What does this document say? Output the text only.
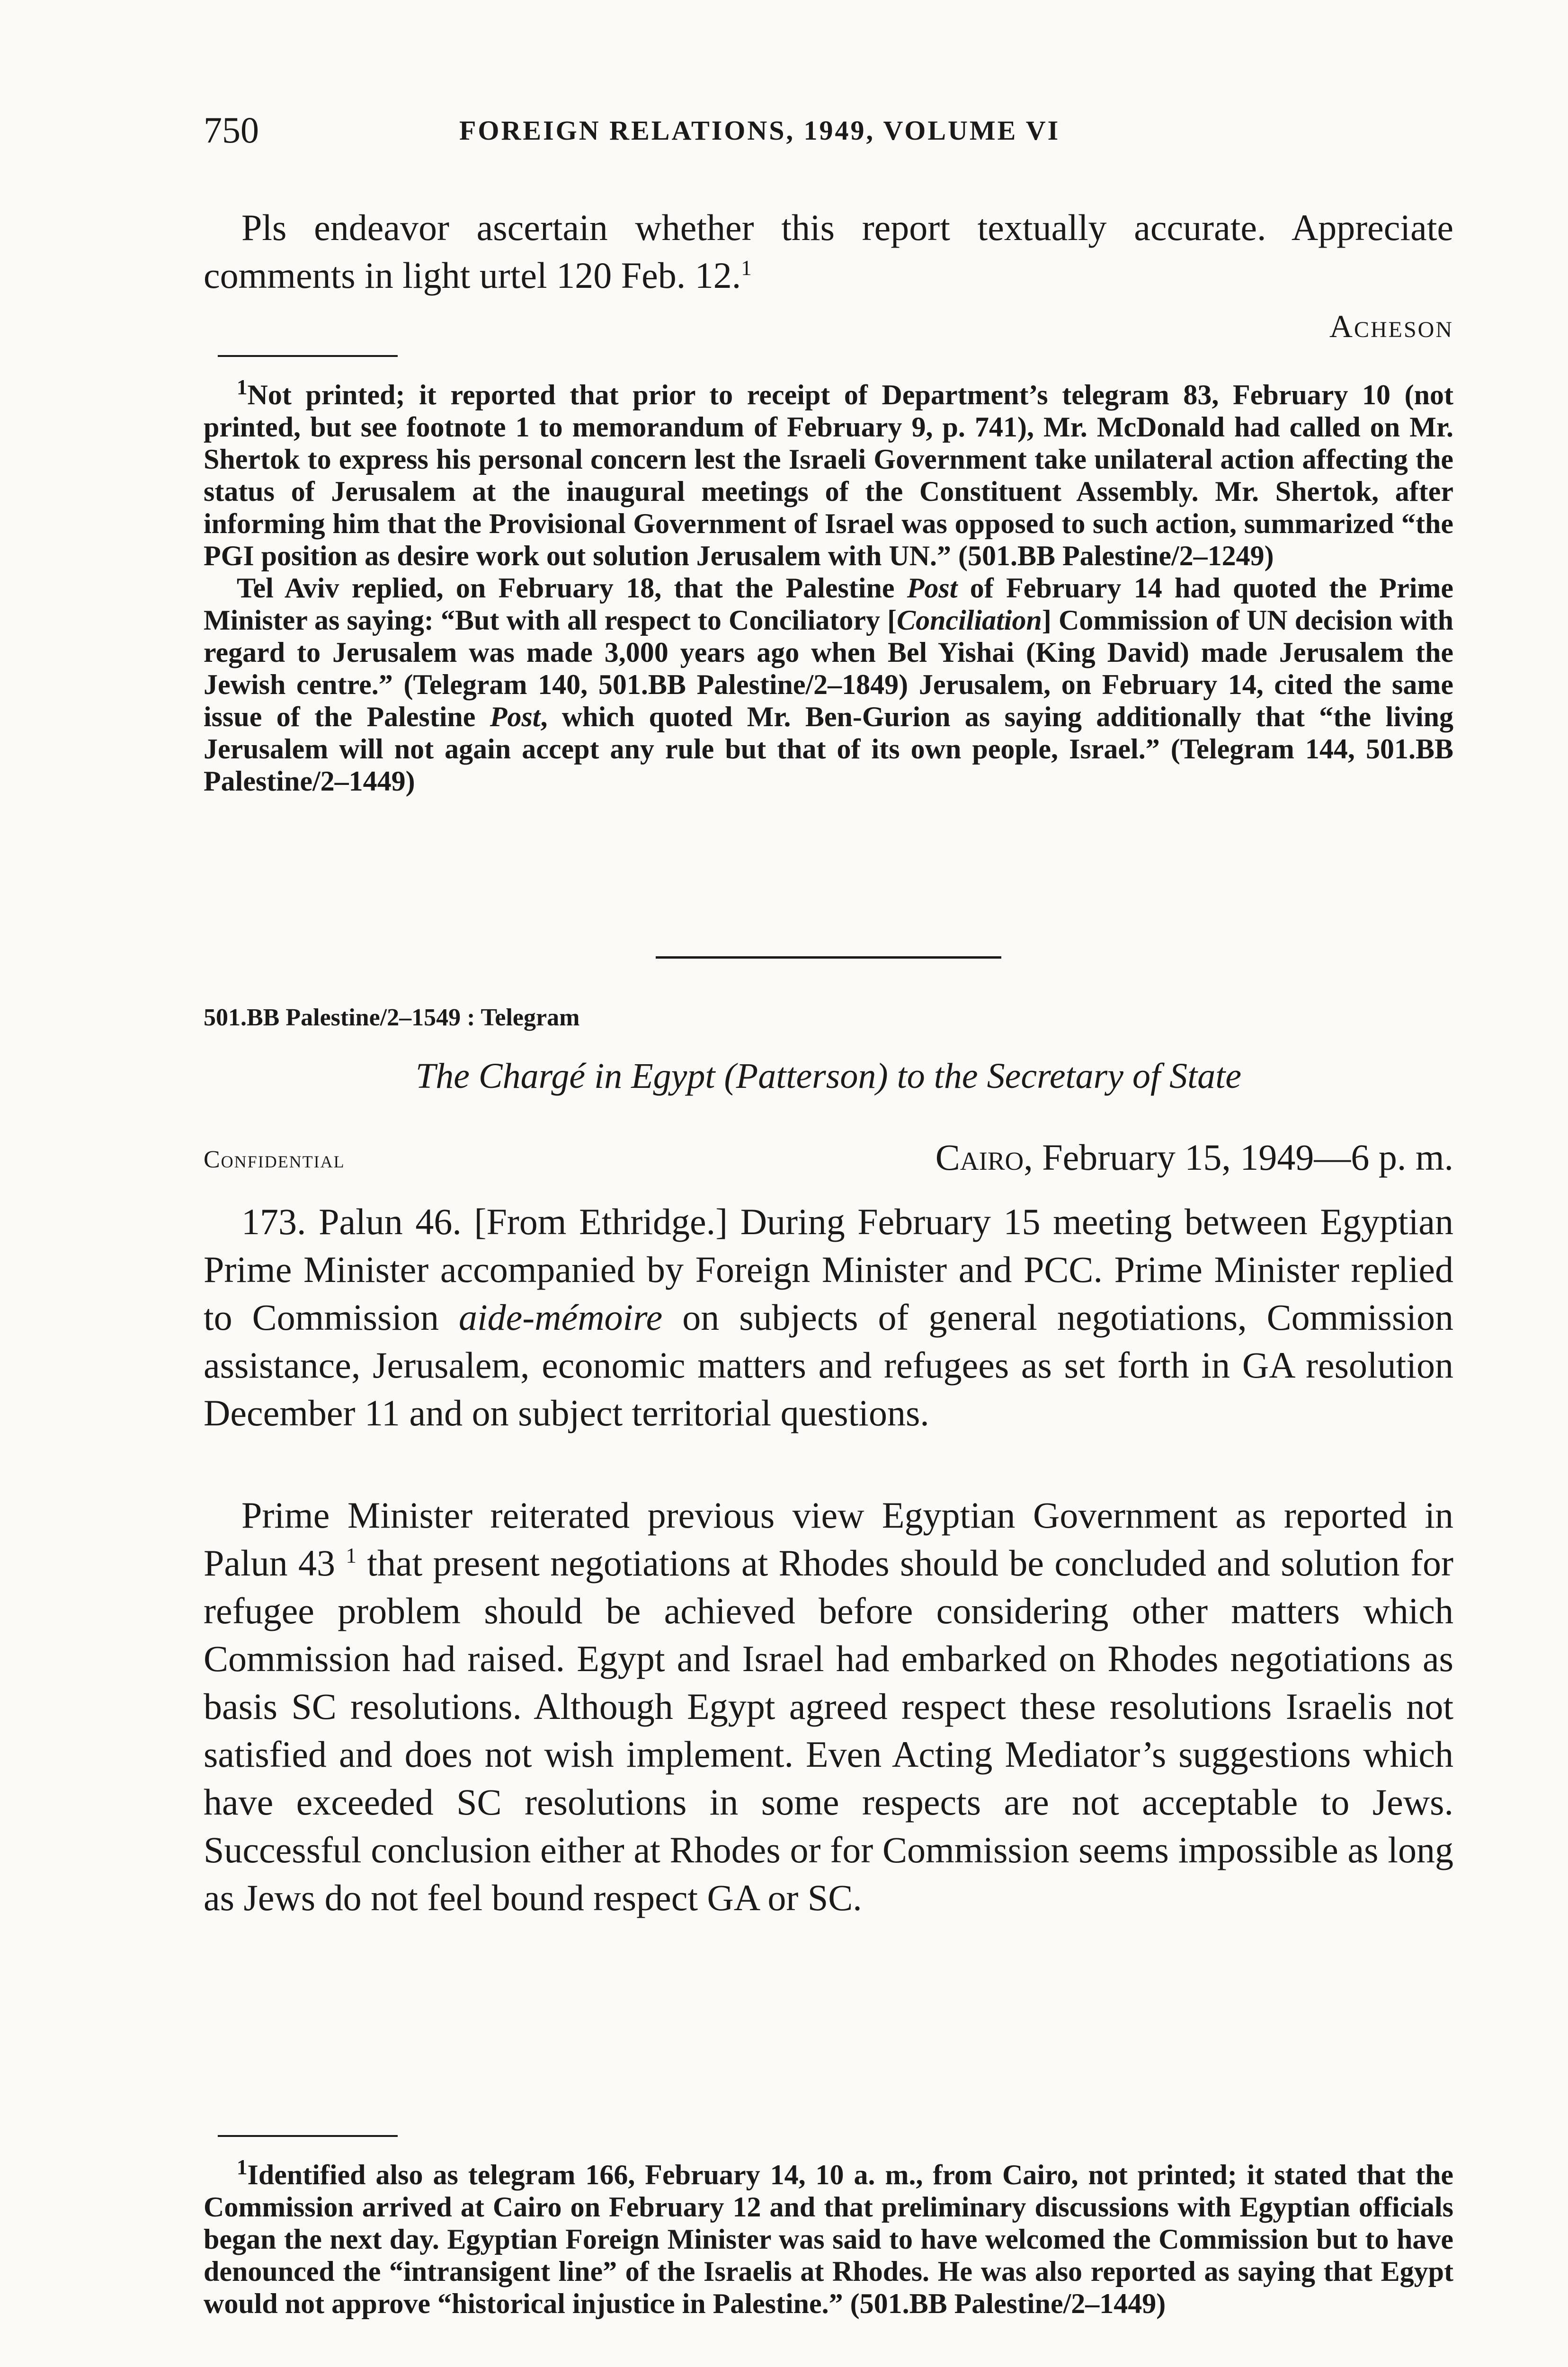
750	FOREIGN RELATIONS, 1949, VOLUME VI
Pls endeavor ascertain whether this report textually accurate. Appreciate comments in light urtel 120 Feb. 12.$^1$
Acheson

$^1$Not printed; it reported that prior to receipt of Department’s telegram 83, February 10 (not printed, but see footnote 1 to memorandum of February 9, p. 741), Mr. McDonald had called on Mr. Shertok to express his personal concern lest the Israeli Government take unilateral action affecting the status of Jerusalem at the inaugural meetings of the Constituent Assembly. Mr. Shertok, after informing him that the Provisional Government of Israel was opposed to such action, summarized “the PGI position as desire work out solution Jerusalem with UN.” (501.BB Palestine/2–1249)

Tel Aviv replied, on February 18, that the Palestine Post of February 14 had quoted the Prime Minister as saying: “But with all respect to Conciliatory [Conciliation] Commission of UN decision with regard to Jerusalem was made 3,000 years ago when Bel Yishai (King David) made Jerusalem the Jewish centre.” (Telegram 140, 501.BB Palestine/2–1849) Jerusalem, on February 14, cited the same issue of the Palestine Post, which quoted Mr. Ben-Gurion as saying additionally that “the living Jerusalem will not again accept any rule but that of its own people, Israel.” (Telegram 144, 501.BB Palestine/2–1449)

501.BB Palestine/2–1549 : Telegram
The Chargé in Egypt (Patterson) to the Secretary of State
Confidential	Cairo, February 15, 1949—6 p. m.
173. Palun 46. [From Ethridge.] During February 15 meeting between Egyptian Prime Minister accompanied by Foreign Minister and PCC. Prime Minister replied to Commission aide-mémoire on subjects of general negotiations, Commission assistance, Jerusalem, economic matters and refugees as set forth in GA resolution December 11 and on subject territorial questions.
Prime Minister reiterated previous view Egyptian Government as reported in Palun 43 $^1$ that present negotiations at Rhodes should be concluded and solution for refugee problem should be achieved before considering other matters which Commission had raised. Egypt and Israel had embarked on Rhodes negotiations as basis SC resolutions. Although Egypt agreed respect these resolutions Israelis not satisfied and does not wish implement. Even Acting Mediator’s suggestions which have exceeded SC resolutions in some respects are not acceptable to Jews. Successful conclusion either at Rhodes or for Commission seems impossible as long as Jews do not feel bound respect GA or SC.

$^1$Identified also as telegram 166, February 14, 10 a. m., from Cairo, not printed; it stated that the Commission arrived at Cairo on February 12 and that preliminary discussions with Egyptian officials began the next day. Egyptian Foreign Minister was said to have welcomed the Commission but to have denounced the “intransigent line” of the Israelis at Rhodes. He was also reported as saying that Egypt would not approve “historical injustice in Palestine.” (501.BB Palestine/2–1449)
